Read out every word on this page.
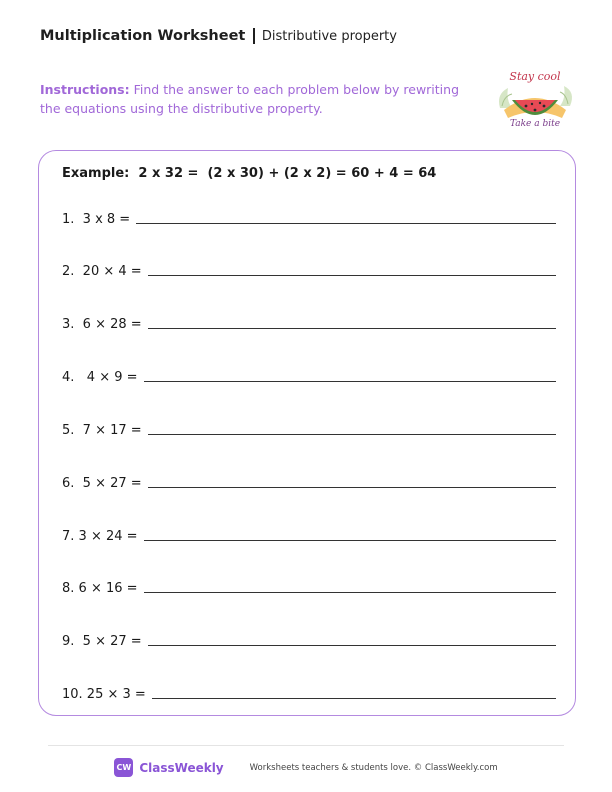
Multiplication Worksheet Distributive property
Instructions: Find the answer to each problem below by rewriting the equations using the distributive property.
Stay cool
Take a bite
Example:  2 x 32 =  (2 x 30) + (2 x 2) = 60 + 4 = 64
1.  3 x 8 =
2.  20 × 4 =
3.  6 × 28 =
4.   4 × 9 =
5.  7 × 17 =
6.  5 × 27 =
7. 3 × 24 =
8. 6 × 16 =
9.  5 × 27 =
10. 25 × 3 =
CW ClassWeekly	Worksheets teachers & students love. © ClassWeekly.com
